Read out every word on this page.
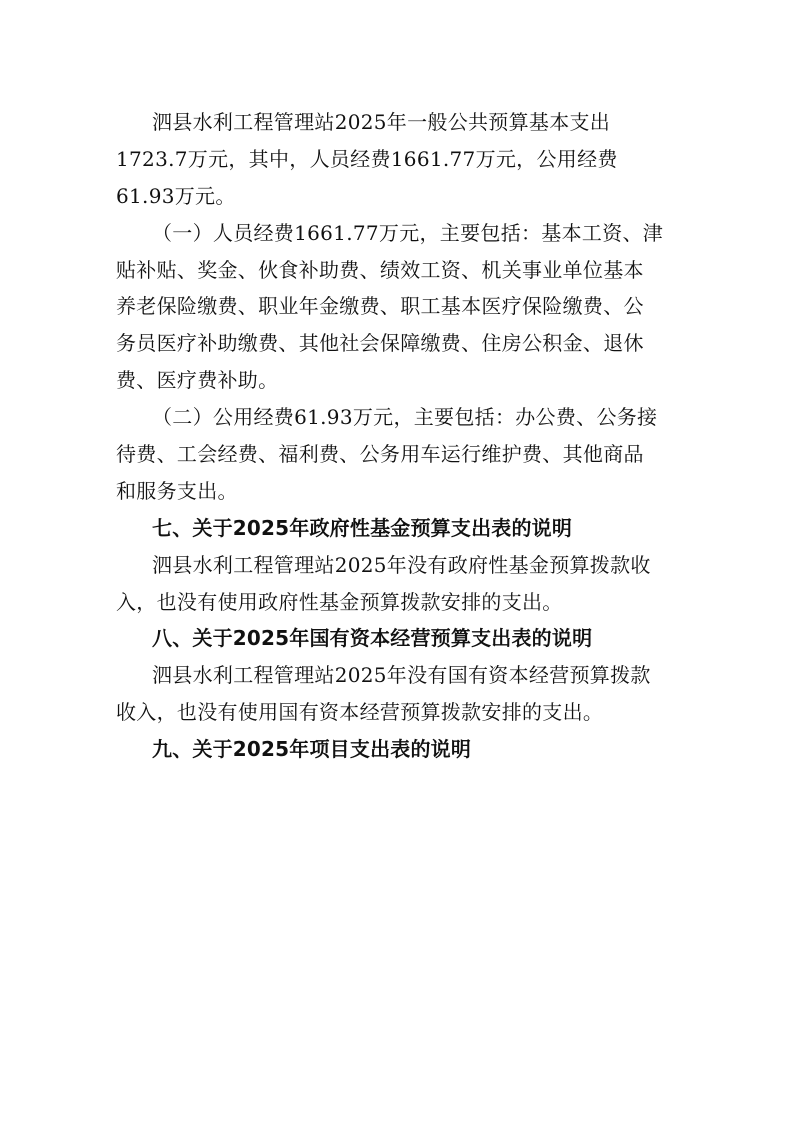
泗县水利工程管理站2025年一般公共预算基本支出
1723.7万元，其中，人员经费1661.77万元，公用经费
61.93万元。
（一）人员经费1661.77万元，主要包括：基本工资、津
贴补贴、奖金、伙食补助费、绩效工资、机关事业单位基本
养老保险缴费、职业年金缴费、职工基本医疗保险缴费、公
务员医疗补助缴费、其他社会保障缴费、住房公积金、退休
费、医疗费补助。
（二）公用经费61.93万元，主要包括：办公费、公务接
待费、工会经费、福利费、公务用车运行维护费、其他商品
和服务支出。
七、关于2025年政府性基金预算支出表的说明
泗县水利工程管理站2025年没有政府性基金预算拨款收
入，也没有使用政府性基金预算拨款安排的支出。
八、关于2025年国有资本经营预算支出表的说明
泗县水利工程管理站2025年没有国有资本经营预算拨款
收入，也没有使用国有资本经营预算拨款安排的支出。
九、关于2025年项目支出表的说明
